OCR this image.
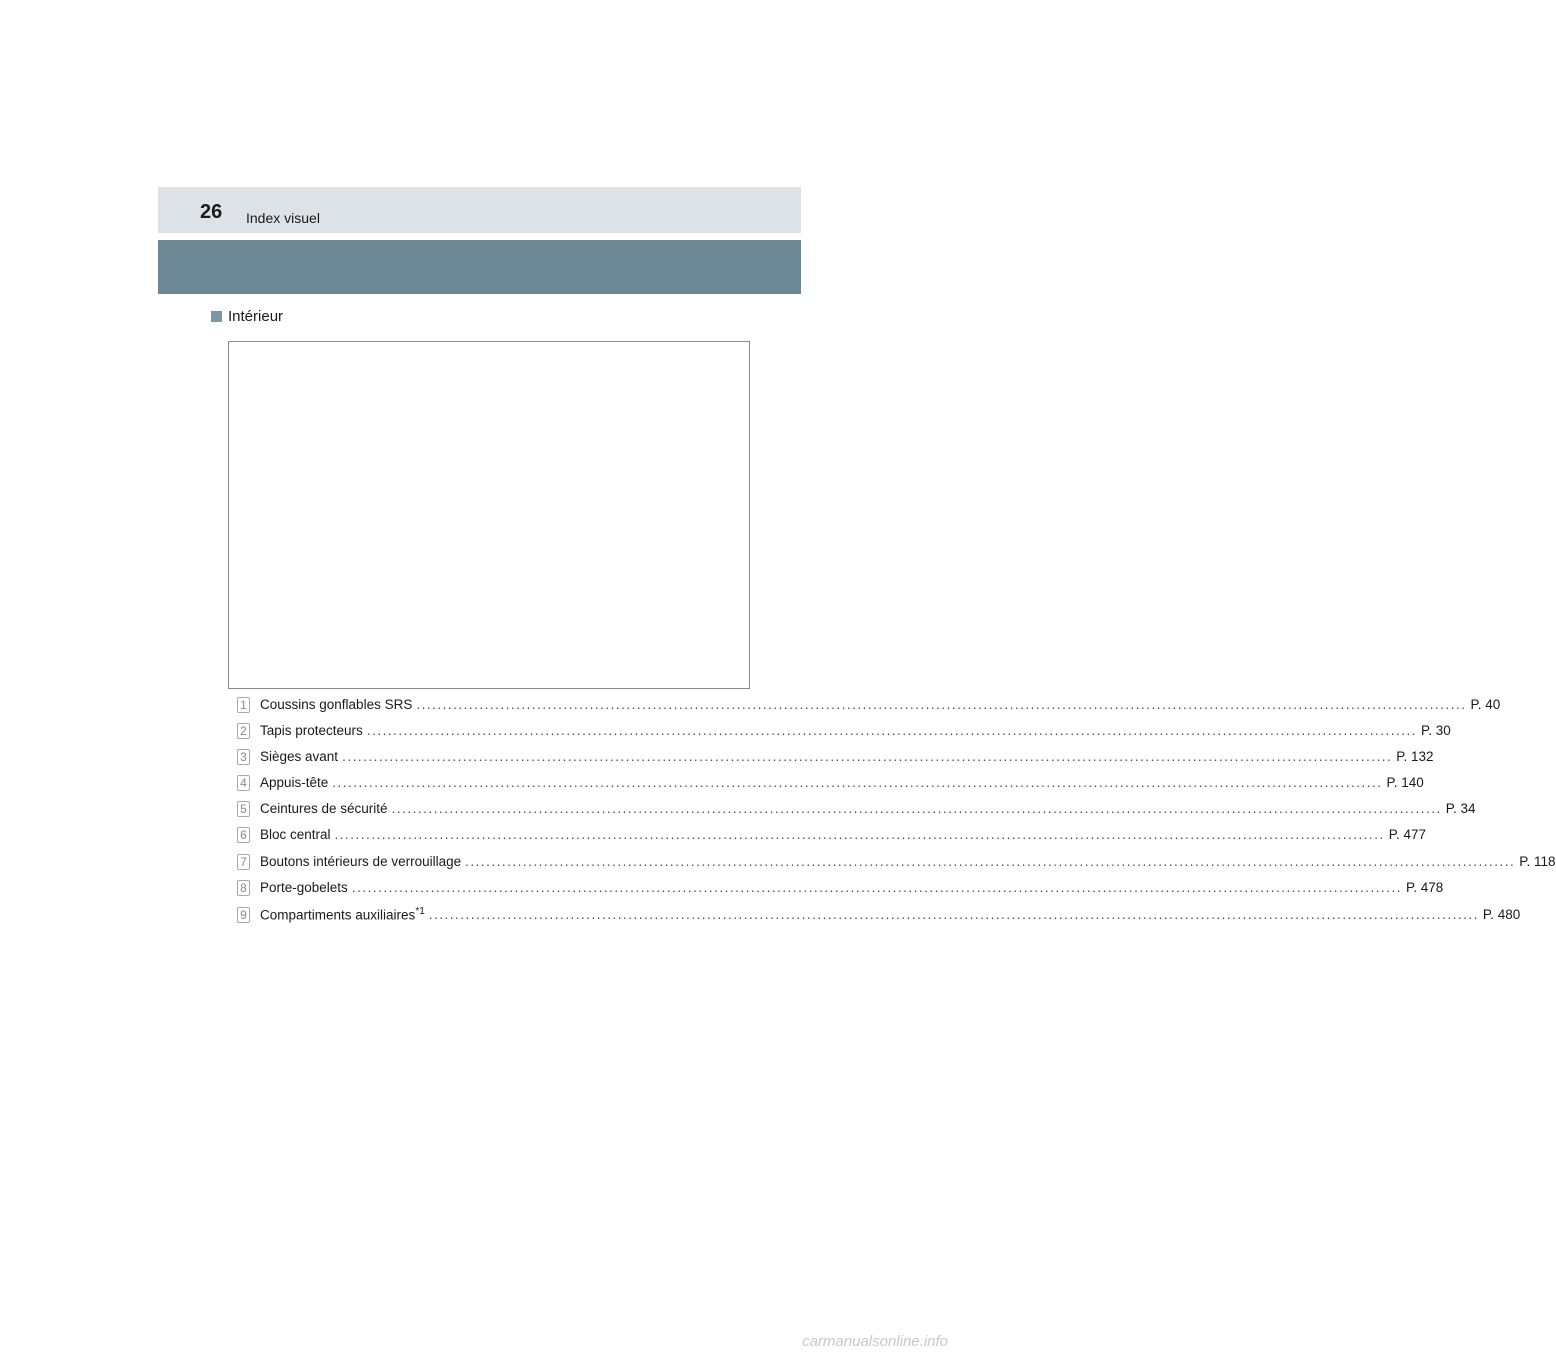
26 Index visuel
Intérieur
1 Coussins gonflables SRS ........................................................................................................................................................................................................ P. 40
2 Tapis protecteurs ........................................................................................................................................................................................................ P. 30
3 Sièges avant ........................................................................................................................................................................................................ P. 132
4 Appuis-tête ........................................................................................................................................................................................................ P. 140
5 Ceintures de sécurité ........................................................................................................................................................................................................ P. 34
6 Bloc central ........................................................................................................................................................................................................ P. 477
7 Boutons intérieurs de verrouillage ........................................................................................................................................................................................................ P. 118
8 Porte-gobelets ........................................................................................................................................................................................................ P. 478
9 Compartiments auxiliaires$^{*1}$ ........................................................................................................................................................................................................ P. 480
carmanualsonline.info
